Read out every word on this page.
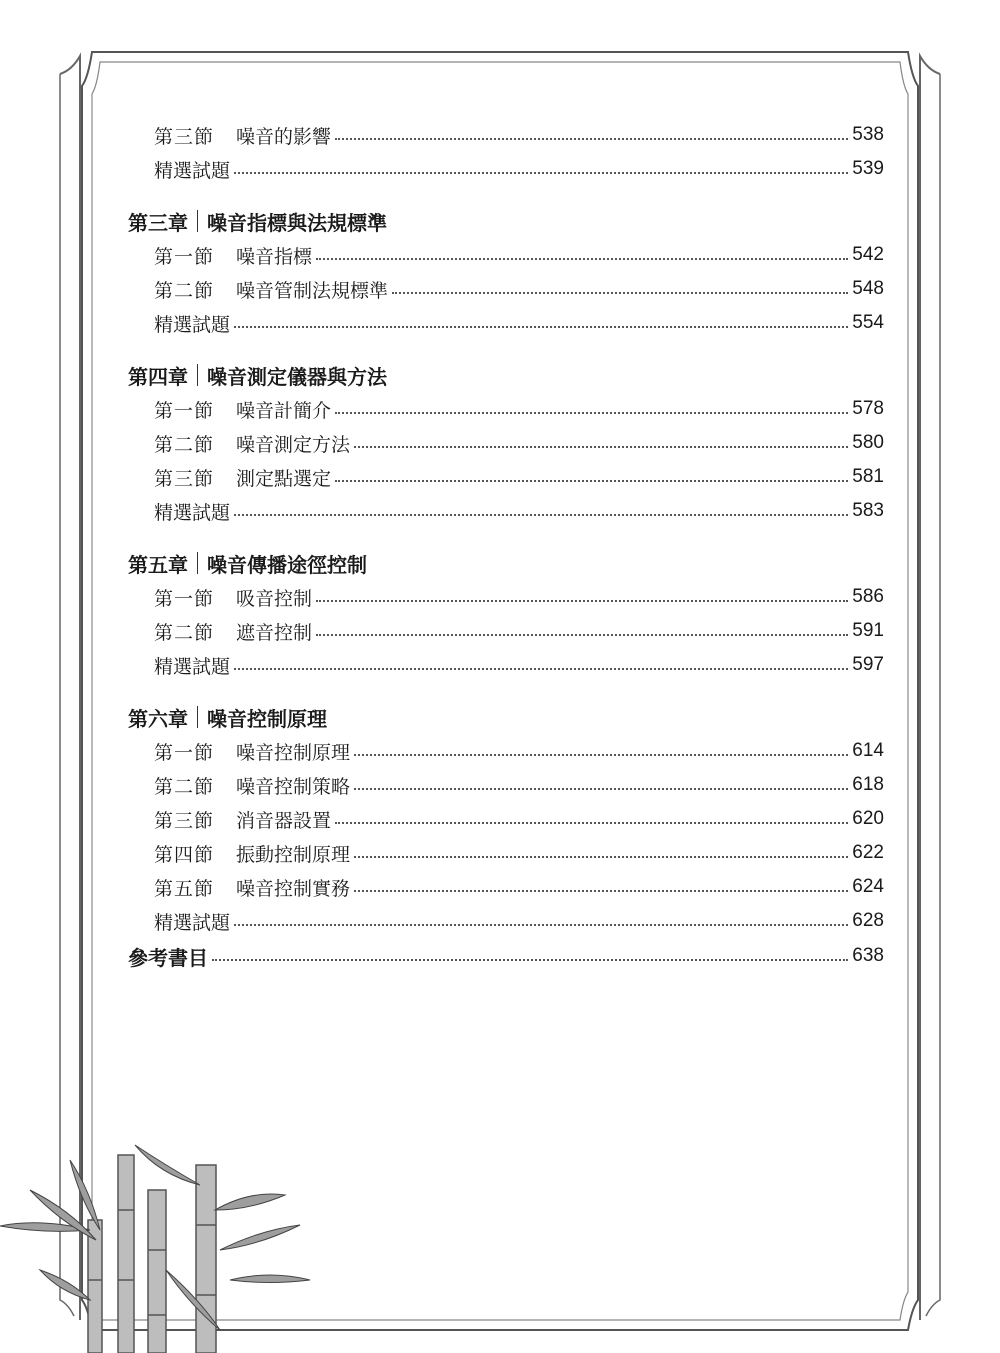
第三節	噪音的影響	538
精選試題	539
第三章 噪音指標與法規標準
第一節	噪音指標	542
第二節	噪音管制法規標準	548
精選試題	554
第四章 噪音測定儀器與方法
第一節	噪音計簡介	578
第二節	噪音測定方法	580
第三節	測定點選定	581
精選試題	583
第五章 噪音傳播途徑控制
第一節	吸音控制	586
第二節	遮音控制	591
精選試題	597
第六章 噪音控制原理
第一節	噪音控制原理	614
第二節	噪音控制策略	618
第三節	消音器設置	620
第四節	振動控制原理	622
第五節	噪音控制實務	624
精選試題	628
參考書目	638
